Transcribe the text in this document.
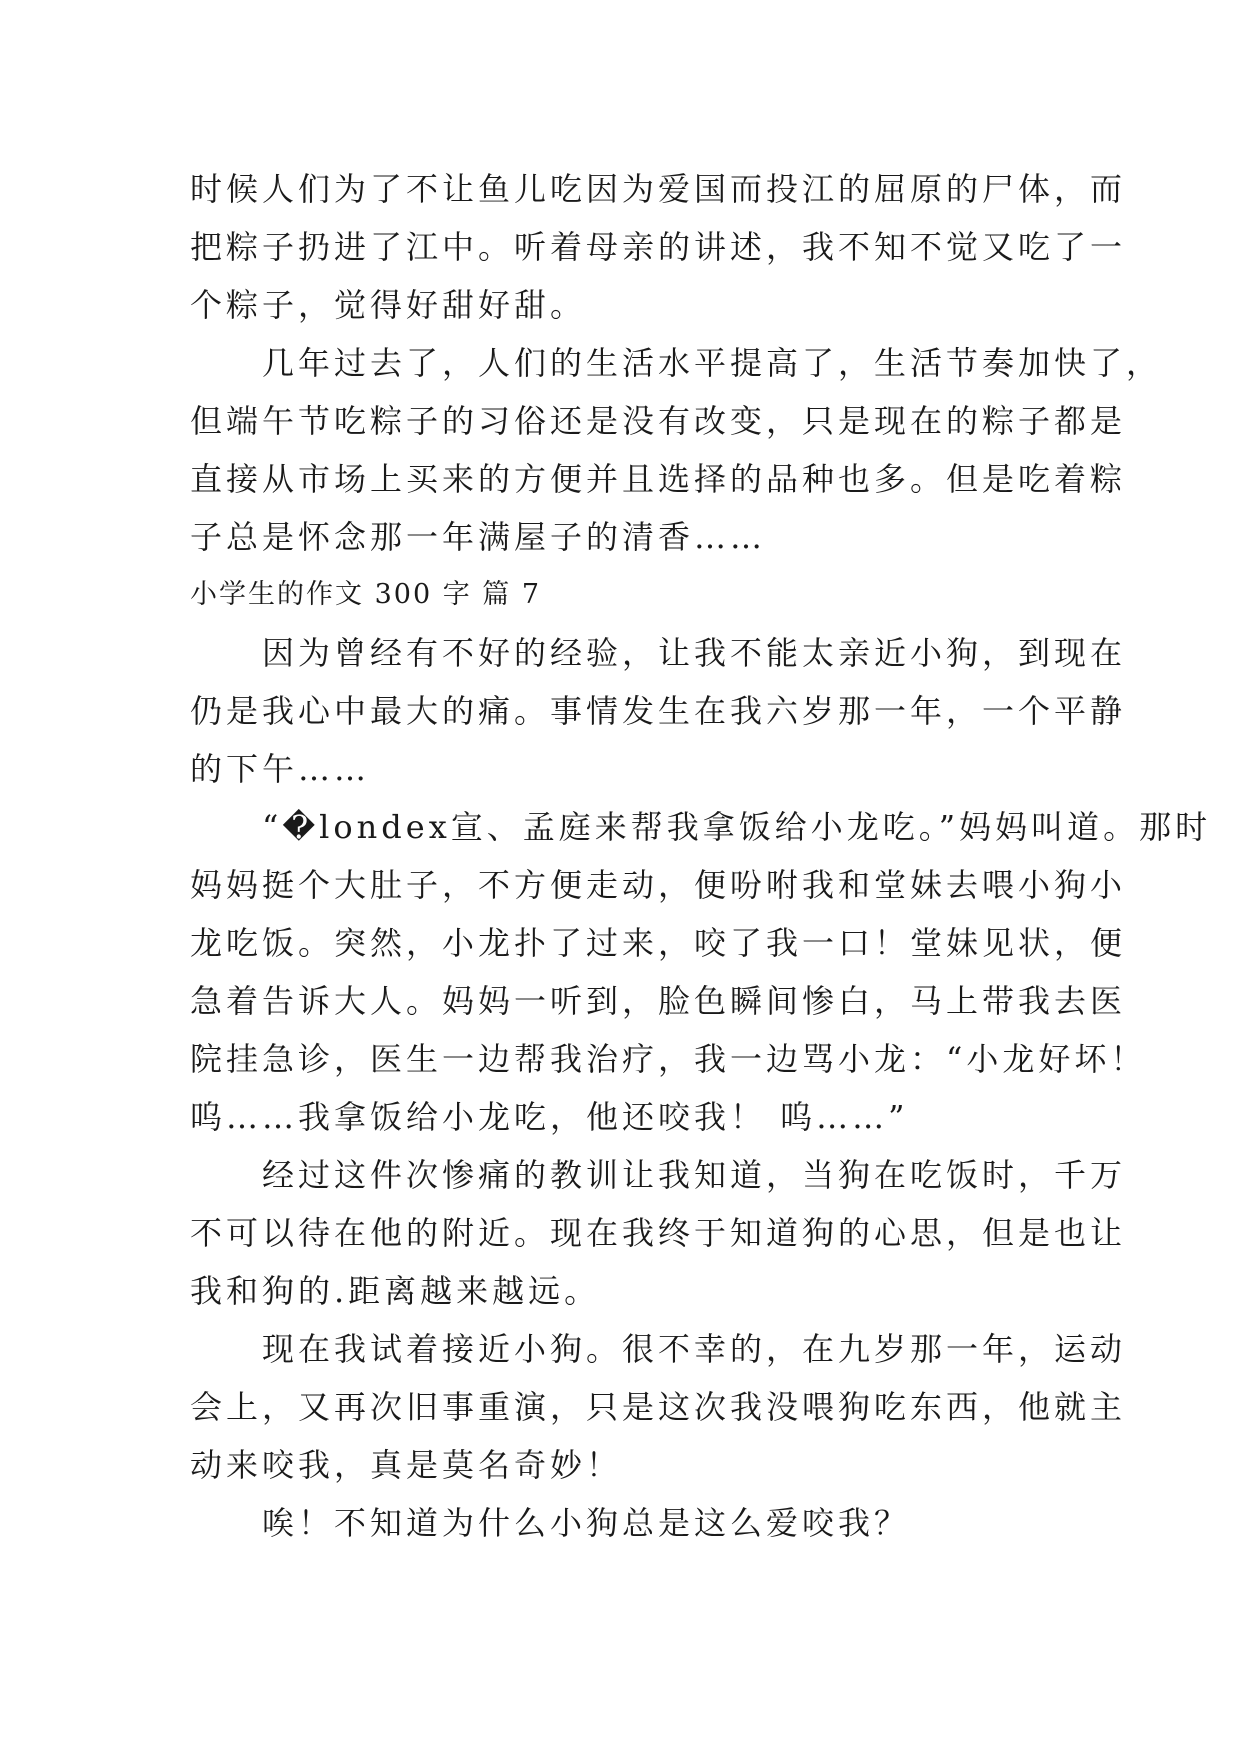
时候人们为了不让鱼儿吃因为爱国而投江的屈原的尸体，而
把粽子扔进了江中。听着母亲的讲述，我不知不觉又吃了一
个粽子，觉得好甜好甜。

　　几年过去了，人们的生活水平提高了，生活节奏加快了，
但端午节吃粽子的习俗还是没有改变，只是现在的粽子都是
直接从市场上买来的方便并且选择的品种也多。但是吃着粽
子总是怀念那一年满屋子的清香……

小学生的作文 300 字 篇 7

　　因为曾经有不好的经验，让我不能太亲近小狗，到现在
仍是我心中最大的痛。事情发生在我六岁那一年，一个平静
的下午……

　　“�londex宣、孟庭来帮我拿饭给小龙吃。”妈妈叫道。那时
妈妈挺个大肚子，不方便走动，便吩咐我和堂妹去喂小狗小
龙吃饭。突然，小龙扑了过来，咬了我一口！堂妹见状，便
急着告诉大人。妈妈一听到，脸色瞬间惨白，马上带我去医
院挂急诊，医生一边帮我治疗，我一边骂小龙：“小龙好坏！
呜……我拿饭给小龙吃，他还咬我！ 呜……”

　　经过这件次惨痛的教训让我知道，当狗在吃饭时，千万
不可以待在他的附近。现在我终于知道狗的心思，但是也让
我和狗的.距离越来越远。

　　现在我试着接近小狗。很不幸的，在九岁那一年，运动
会上，又再次旧事重演，只是这次我没喂狗吃东西，他就主
动来咬我，真是莫名奇妙！

　　唉！不知道为什么小狗总是这么爱咬我？
